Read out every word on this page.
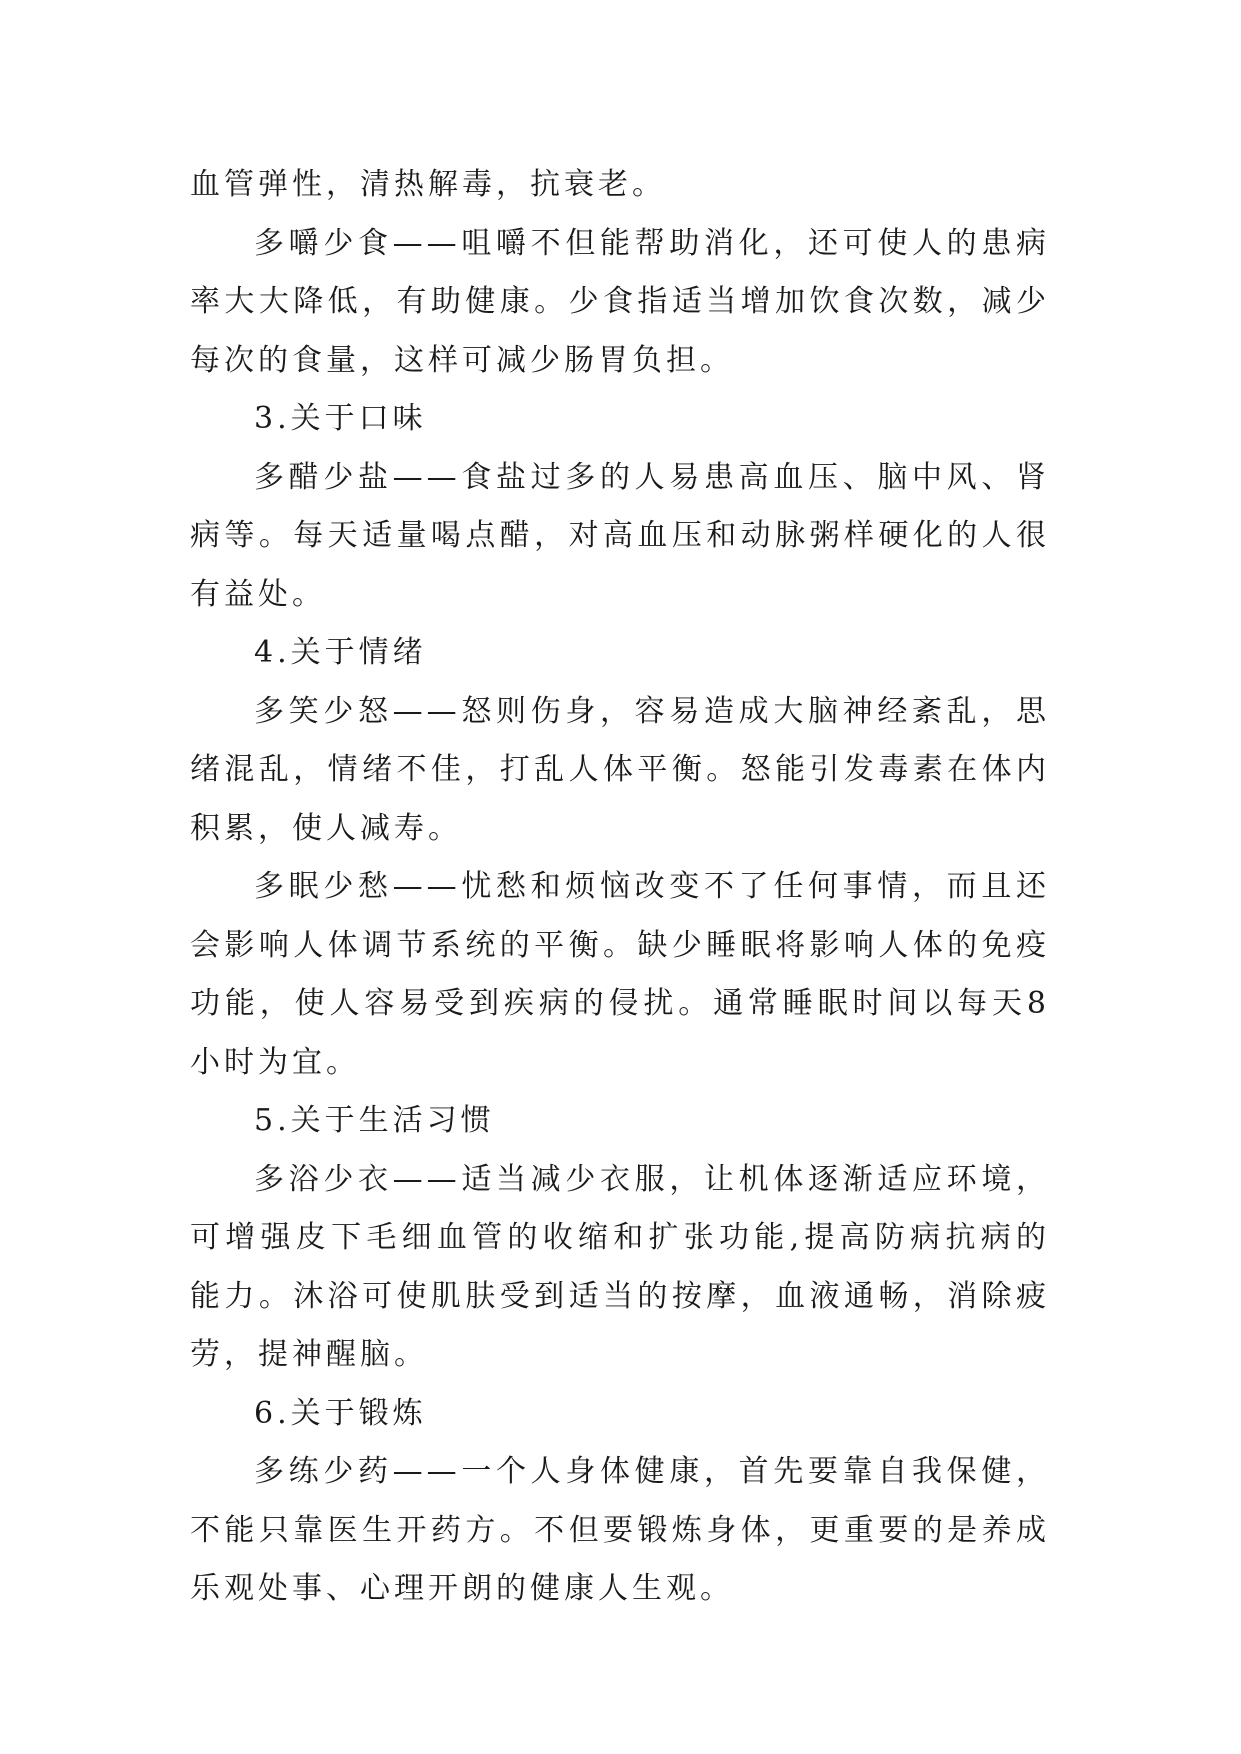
血管弹性，清热解毒，抗衰老。

多嚼少食——咀嚼不但能帮助消化，还可使人的患病率大大降低，有助健康。少食指适当增加饮食次数，减少每次的食量，这样可减少肠胃负担。

3.关于口味

多醋少盐——食盐过多的人易患高血压、脑中风、肾病等。每天适量喝点醋，对高血压和动脉粥样硬化的人很有益处。

4.关于情绪

多笑少怒——怒则伤身，容易造成大脑神经紊乱，思绪混乱，情绪不佳，打乱人体平衡。怒能引发毒素在体内积累，使人减寿。

多眠少愁——忧愁和烦恼改变不了任何事情，而且还会影响人体调节系统的平衡。缺少睡眠将影响人体的免疫功能，使人容易受到疾病的侵扰。通常睡眠时间以每天8小时为宜。

5.关于生活习惯

多浴少衣——适当减少衣服，让机体逐渐适应环境，可增强皮下毛细血管的收缩和扩张功能,提高防病抗病的能力。沐浴可使肌肤受到适当的按摩，血液通畅，消除疲劳，提神醒脑。

6.关于锻炼

多练少药——一个人身体健康，首先要靠自我保健，不能只靠医生开药方。不但要锻炼身体，更重要的是养成乐观处事、心理开朗的健康人生观。
